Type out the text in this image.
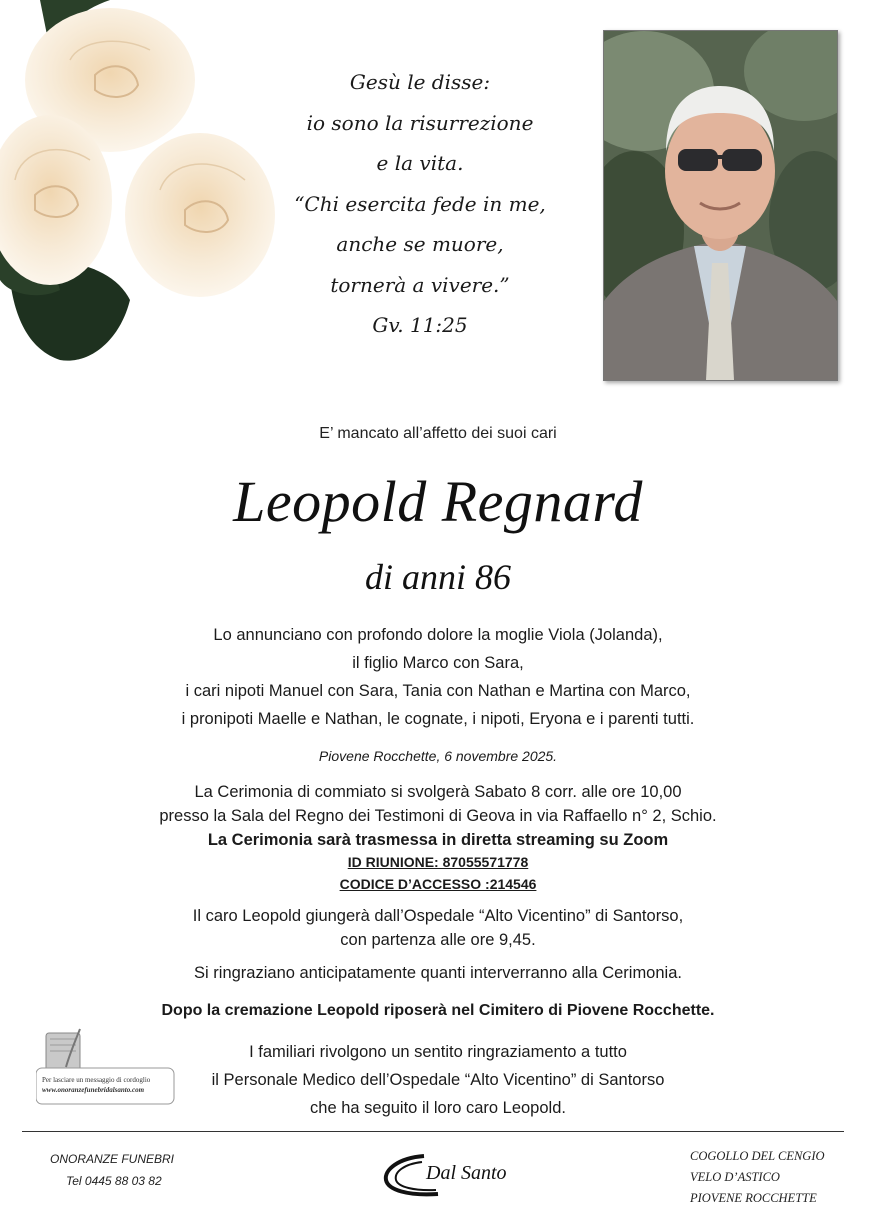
Gesù le disse:
io sono la risurrezione
e la vita.
“Chi esercita fede in me,
anche se muore,
tornerà a vivere.”
Gv. 11:25
E’ mancato all’affetto dei suoi cari
Leopold Regnard
di anni 86
Lo annunciano con profondo dolore la moglie Viola (Jolanda),
il figlio Marco con Sara,
i cari nipoti Manuel con Sara, Tania con Nathan e Martina con Marco,
i pronipoti Maelle e Nathan, le cognate, i nipoti, Eryona e i parenti tutti.
Piovene Rocchette, 6 novembre 2025.
La Cerimonia di commiato si svolgerà Sabato 8 corr. alle ore 10,00
presso la Sala del Regno dei Testimoni di Geova in via Raffaello n° 2, Schio.
La Cerimonia sarà trasmessa in diretta streaming su Zoom
ID RIUNIONE: 87055571778
CODICE D’ACCESSO :214546
Il caro Leopold giungerà dall’Ospedale “Alto Vicentino” di Santorso,
con partenza alle ore 9,45.
Si ringraziano anticipatamente quanti interverranno alla Cerimonia.
Dopo la cremazione Leopold riposerà nel Cimitero di Piovene Rocchette.
I familiari rivolgono un sentito ringraziamento a tutto
il Personale Medico dell’Ospedale “Alto Vicentino” di Santorso
che ha seguito il loro caro Leopold.
Per lasciare un messaggio di cordoglio
www.onoranzefunebridalsanto.com
ONORANZE FUNEBRI
Tel 0445 88 03 82	Dal Santo
COGOLLO DEL CENGIO
VELO D’ASTICO
PIOVENE ROCCHETTE
